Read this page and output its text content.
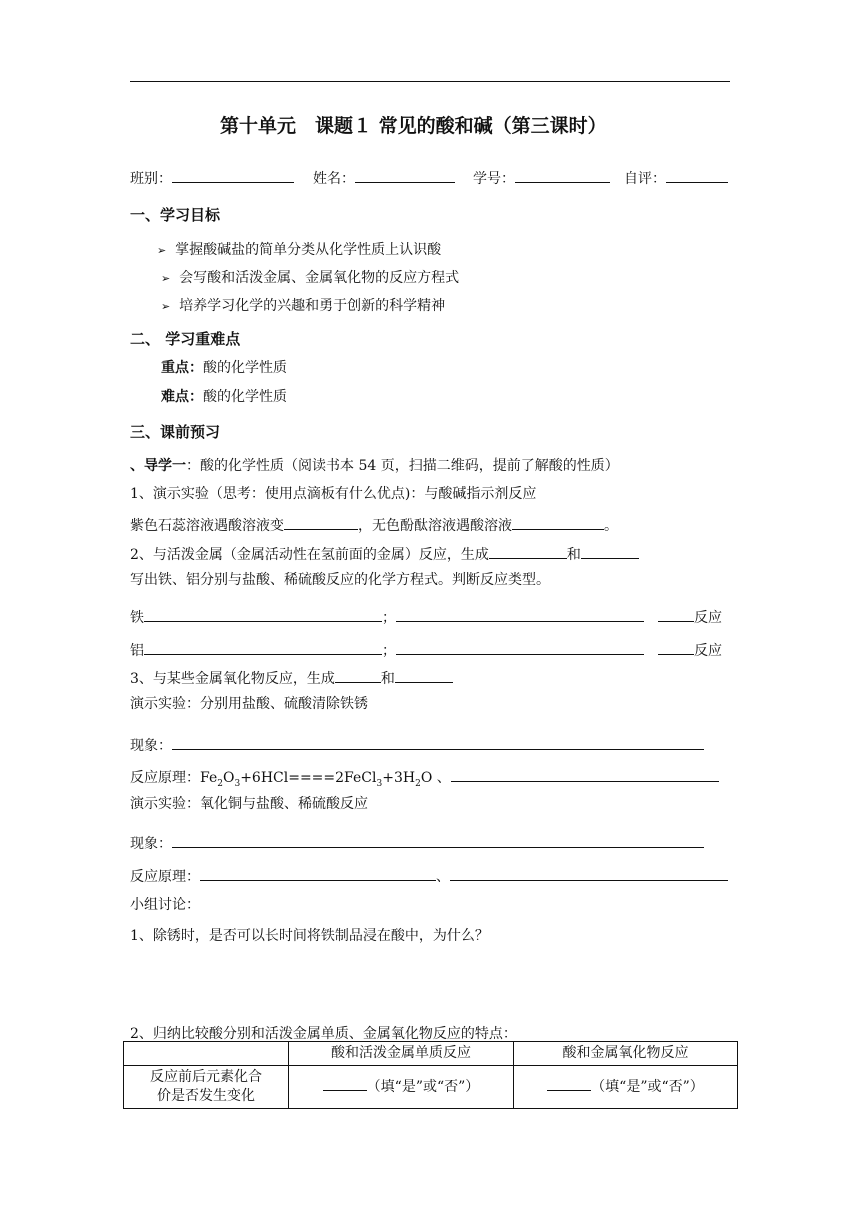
第十单元　课题１ 常见的酸和碱（第三课时）
班别：	姓名：	学号：	自评：
一、学习目标
➢ 掌握酸碱盐的简单分类从化学性质上认识酸
➢ 会写酸和活泼金属、金属氧化物的反应方程式
➢ 培养学习化学的兴趣和勇于创新的科学精神
二、 学习重难点
重点：酸的化学性质
难点：酸的化学性质
三、课前预习
、导学一：酸的化学性质（阅读书本 54 页，扫描二维码，提前了解酸的性质）
1、演示实验（思考：使用点滴板有什么优点)：与酸碱指示剂反应
紫色石蕊溶液遇酸溶液变	，无色酚酞溶液遇酸溶液	。
2、与活泼金属（金属活动性在氢前面的金属）反应，生成	和
写出铁、铝分别与盐酸、稀硫酸反应的化学方程式。判断反应类型。
铁	；	反应
铝	；	反应
3、与某些金属氧化物反应，生成	和
演示实验：分别用盐酸、硫酸清除铁锈
现象：
反应原理：$Fe_2O_3+6HCl====2FeCl_3+3H_2O$ 、
演示实验：氧化铜与盐酸、稀硫酸反应
现象：
反应原理：	、
小组讨论：
1、除锈时，是否可以长时间将铁制品浸在酸中，为什么？
2、归纳比较酸分别和活泼金属单质、金属氧化物反应的特点：
	酸和活泼金属单质反应	酸和金属氧化物反应

反应前后元素化合
价是否发生变化	（填“是”或“否”）	（填“是”或“否”）
